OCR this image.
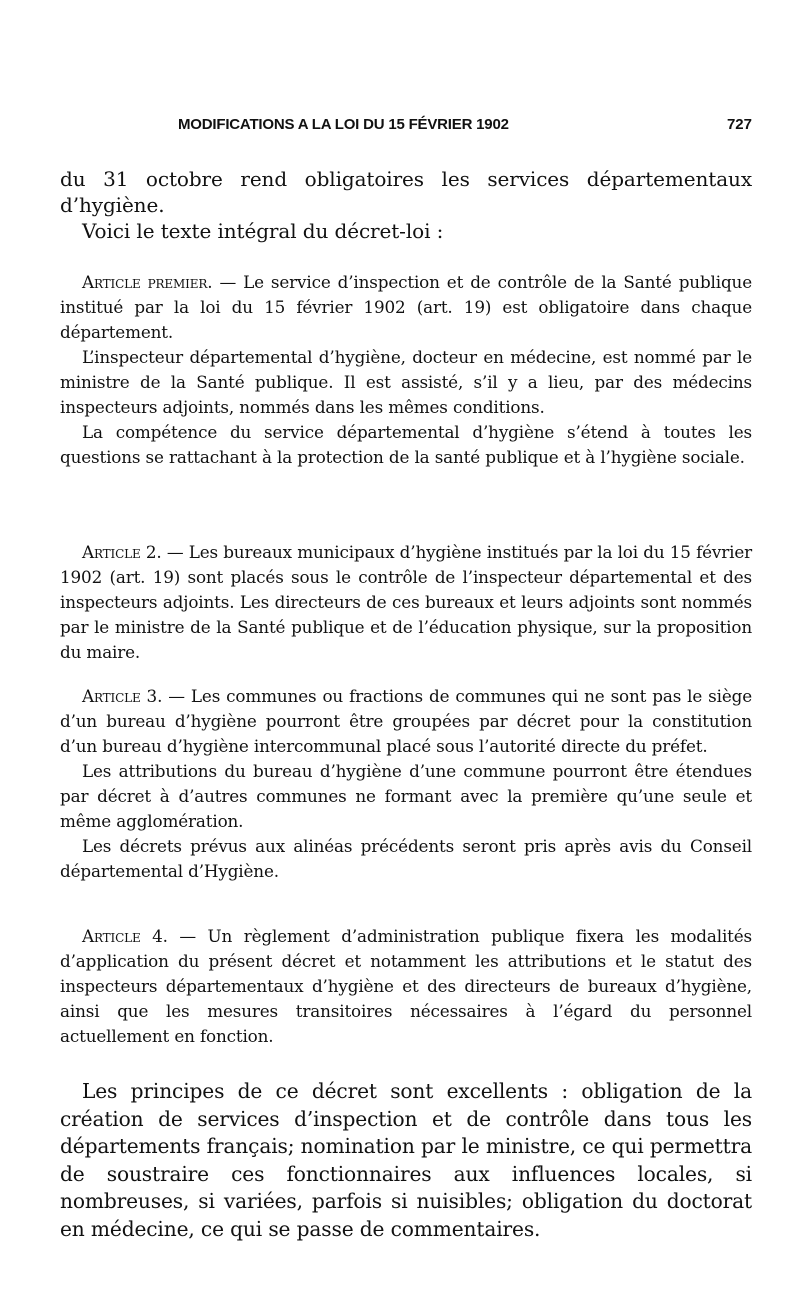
MODIFICATIONS A LA LOI DU 15 FÉVRIER 1902	727

du 31 octobre rend obligatoires les services départementaux d’hygiène.

Voici le texte intégral du décret-loi :

Article premier. — Le service d’inspection et de contrôle de la Santé publique institué par la loi du 15 février 1902 (art. 19) est obligatoire dans chaque département.

L’inspecteur départemental d’hygiène, docteur en médecine, est nommé par le ministre de la Santé publique. Il est assisté, s’il y a lieu, par des médecins inspecteurs adjoints, nommés dans les mêmes conditions.

La compétence du service départemental d’hygiène s’étend à toutes les questions se rattachant à la protection de la santé publique et à l’hygiène sociale.

Article 2. — Les bureaux municipaux d’hygiène institués par la loi du 15 février 1902 (art. 19) sont placés sous le contrôle de l’inspecteur départemental et des inspecteurs adjoints. Les directeurs de ces bureaux et leurs adjoints sont nommés par le ministre de la Santé publique et de l’éducation physique, sur la proposition du maire.

Article 3. — Les communes ou fractions de communes qui ne sont pas le siège d’un bureau d’hygiène pourront être groupées par décret pour la constitution d’un bureau d’hygiène intercommunal placé sous l’autorité directe du préfet.

Les attributions du bureau d’hygiène d’une commune pourront être étendues par décret à d’autres communes ne formant avec la première qu’une seule et même agglomération.

Les décrets prévus aux alinéas précédents seront pris après avis du Conseil départemental d’Hygiène.

Article 4. — Un règlement d’administration publique fixera les modalités d’application du présent décret et notamment les attributions et le statut des inspecteurs départementaux d’hygiène et des directeurs de bureaux d’hygiène, ainsi que les mesures transitoires nécessaires à l’égard du personnel actuellement en fonction.

Les principes de ce décret sont excellents : obligation de la création de services d’inspection et de contrôle dans tous les départements français; nomination par le ministre, ce qui permettra de soustraire ces fonctionnaires aux influences locales, si nombreuses, si variées, parfois si nuisibles; obligation du doctorat en médecine, ce qui se passe de commentaires.
